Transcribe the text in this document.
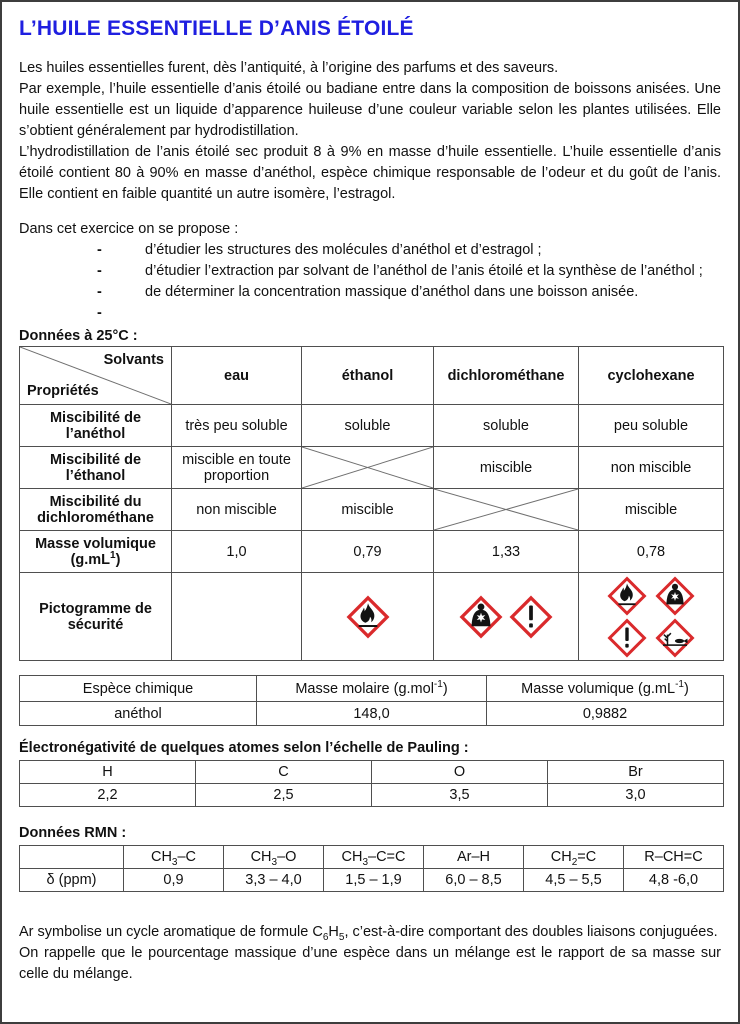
L’HUILE ESSENTIELLE D’ANIS ÉTOILÉ

Les huiles essentielles furent, dès l’antiquité, à l’origine des parfums et des saveurs.

Par exemple, l’huile essentielle d’anis étoilé ou badiane entre dans la composition de boissons anisées. Une huile essentielle est un liquide d’apparence huileuse d’une couleur variable selon les plantes utilisées. Elle s’obtient généralement par hydrodistillation.

L’hydrodistillation de l’anis étoilé sec produit 8 à 9% en masse d’huile essentielle. L’huile essentielle d’anis étoilé contient 80 à 90% en masse d’anéthol, espèce chimique responsable de l’odeur et du goût de l’anis. Elle contient en faible quantité un autre isomère, l’estragol.

Dans cet exercice on se propose :

-	d’étudier les structures des molécules d’anéthol et d’estragol ;
-	d’étudier l’extraction par solvant de l’anéthol de l’anis étoilé et la synthèse de l’anéthol ;
-	de déterminer la concentration massique d’anéthol dans une boisson anisée.
-
Données à 25°C :
Solvants
Propriétés	eau	éthanol	dichlorométhane	cyclohexane
Miscibilité de l’anéthol	très peu soluble	soluble	soluble	peu soluble
Miscibilité de l’éthanol	miscible en toute proportion		miscible	non miscible
Miscibilité du dichlorométhane	non miscible	miscible		miscible
Masse volumique
$(g.mL^1)$	1,0	0,79	1,33	0,78
Pictogramme de sécurité			

Espèce chimique	Masse molaire (g.mol$^{-1}$)	Masse volumique $(g.mL^{-1})$
anéthol	148,0	0,9882
Électronégativité de quelques atomes selon l’échelle de Pauling :
H	C	O	Br
2,2	2,5	3,5	3,0
Données RMN :
	$CH_3-C$	$CH_3-O$	$CH_3-C=C$	Ar–H	$CH_2=C$	R–CH=C
δ (ppm)	0,9	3,3 – 4,0	1,5 – 1,9	6,0 – 8,5	4,5 – 5,5	4,8 -6,0

Ar symbolise un cycle aromatique de formule $C_6H_5$, c’est-à-dire comportant des doubles liaisons conjuguées.

On rappelle que le pourcentage massique d’une espèce dans un mélange est le rapport de sa masse sur celle du mélange.
